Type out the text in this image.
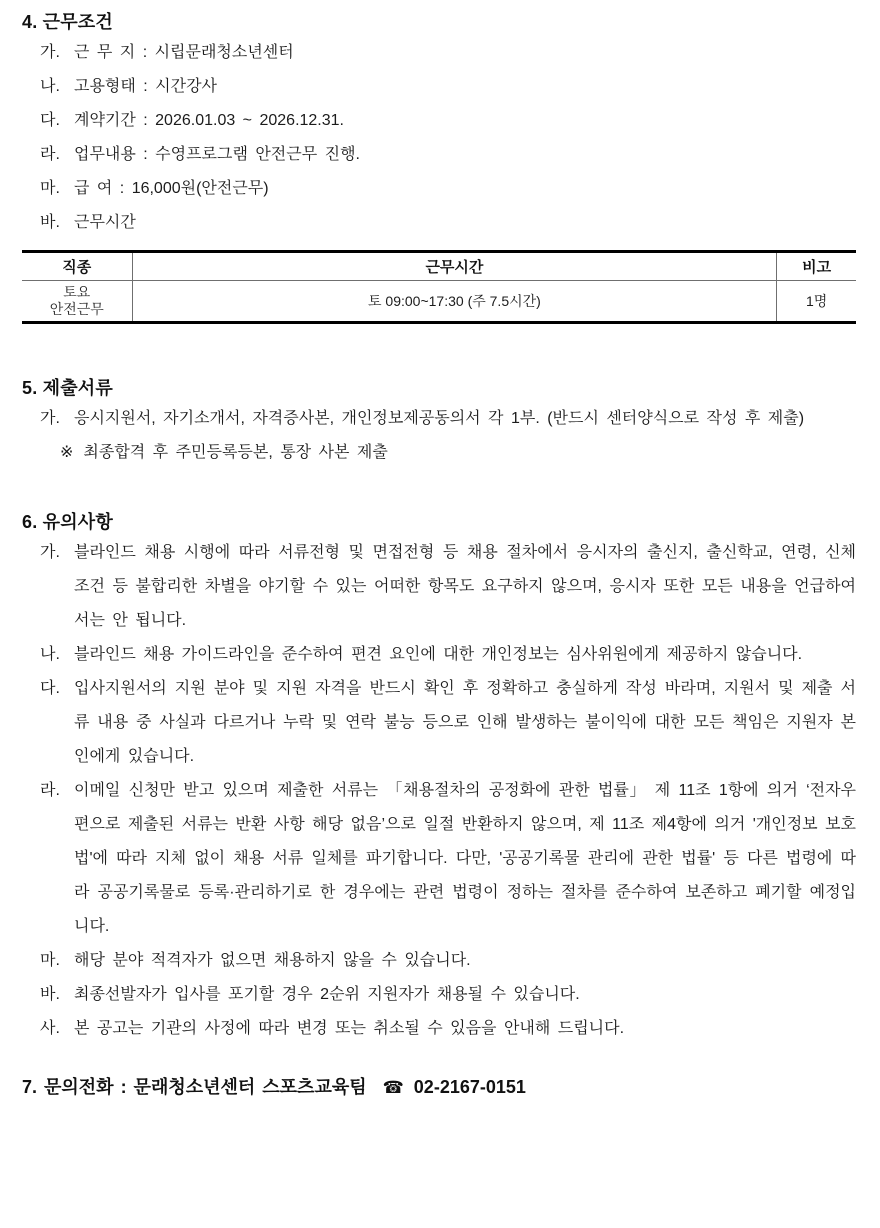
4. 근무조건
가. 근 무 지 : 시립문래청소년센터
나. 고용형태 : 시간강사
다. 계약기간 : 2026.01.03 ~ 2026.12.31.
라. 업무내용 : 수영프로그램 안전근무 진행.
마. 급 여 : 16,000원(안전근무)
바. 근무시간
직종	근무시간	비고

토요
안전근무	토 09:00~17:30 (주 7.5시간)	1명
5. 제출서류
가. 응시지원서, 자기소개서, 자격증사본, 개인정보제공동의서 각 1부. (반드시 센터양식으로 작성 후 제출)
※ 최종합격 후 주민등록등본, 통장 사본 제출
6. 유의사항
가. 블라인드 채용 시행에 따라 서류전형 및 면접전형 등 채용 절차에서 응시자의 출신지, 출신학교, 연령, 신체조건 등 불합리한 차별을 야기할 수 있는 어떠한 항목도 요구하지 않으며, 응시자 또한 모든 내용을 언급하여서는 안 됩니다.
나. 블라인드 채용 가이드라인을 준수하여 편견 요인에 대한 개인정보는 심사위원에게 제공하지 않습니다.
다. 입사지원서의 지원 분야 및 지원 자격을 반드시 확인 후 정확하고 충실하게 작성 바라며, 지원서 및 제출 서류 내용 중 사실과 다르거나 누락 및 연락 불능 등으로 인해 발생하는 불이익에 대한 모든 책임은 지원자 본인에게 있습니다.
라. 이메일 신청만 받고 있으며 제출한 서류는 「채용절차의 공정화에 관한 법률」 제 11조 1항에 의거 ‘전자우편으로 제출된 서류는 반환 사항 해당 없음’으로 일절 반환하지 않으며, 제 11조 제4항에 의거 '개인정보 보호법'에 따라 지체 없이 채용 서류 일체를 파기합니다. 다만, '공공기록물 관리에 관한 법률' 등 다른 법령에 따라 공공기록물로 등록·관리하기로 한 경우에는 관련 법령이 정하는 절차를 준수하여 보존하고 폐기할 예정입니다.
마. 해당 분야 적격자가 없으면 채용하지 않을 수 있습니다.
바. 최종선발자가 입사를 포기할 경우 2순위 지원자가 채용될 수 있습니다.
사. 본 공고는 기관의 사정에 따라 변경 또는 취소될 수 있음을 안내해 드립니다.
7. 문의전화 : 문래청소년센터 스포츠교육팀 ☎ 02-2167-0151
